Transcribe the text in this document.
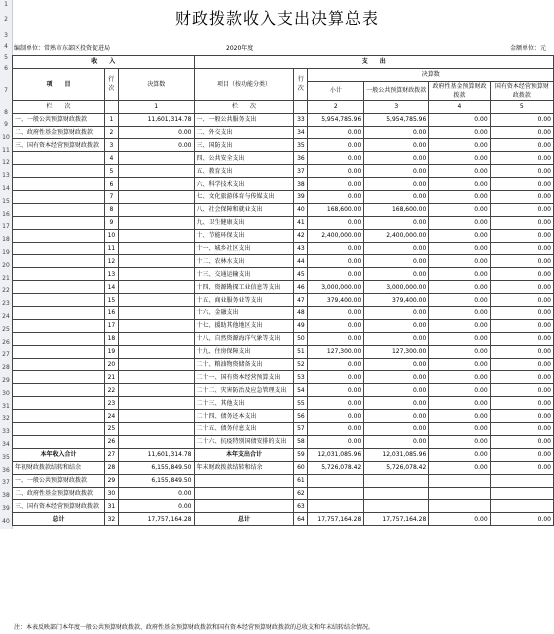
财政拨款收入支出决算总表
1
2
3
4
5
6
7
8
9
10
11
12
13
14
15
16
17
18
19
20
21
22
23
24
25
26
27
28
29
30
31
32
33
34
35
36
37
38
39
40
编制单位：常熟市东部区投资促进局	2020年度	金额单位：元
收　　入			支　　出					
项　　目	行次	决算数	项目（按功能分类）	行次	决算数			
					小计	一般公共预算财政拨款	政府性基金预算财政拨款	国有资本经营预算财政拨款

栏　　次		1	栏　　次		2	3	4	5
一、一般公共预算财政拨款	1	11,601,314.78	一、一般公共服务支出	33	5,954,785.96	5,954,785.96	0.00	0.00
二、政府性基金预算财政拨款	2	0.00	二、外交支出	34	0.00	0.00	0.00	0.00
三、国有资本经营预算财政拨款	3	0.00	三、国防支出	35	0.00	0.00	0.00	0.00
	4		四、公共安全支出	36	0.00	0.00	0.00	0.00
	5		五、教育支出	37	0.00	0.00	0.00	0.00
	6		六、科学技术支出	38	0.00	0.00	0.00	0.00
	7		七、文化旅游体育与传媒支出	39	0.00	0.00	0.00	0.00
	8		八、社会保障和就业支出	40	168,600.00	168,600.00	0.00	0.00
	9		九、卫生健康支出	41	0.00	0.00	0.00	0.00
	10		十、节能环保支出	42	2,400,000.00	2,400,000.00	0.00	0.00
	11		十一、城乡社区支出	43	0.00	0.00	0.00	0.00
	12		十二、农林水支出	44	0.00	0.00	0.00	0.00
	13		十三、交通运输支出	45	0.00	0.00	0.00	0.00
	14		十四、资源勘探工业信息等支出	46	3,000,000.00	3,000,000.00	0.00	0.00
	15		十五、商业服务业等支出	47	379,400.00	379,400.00	0.00	0.00
	16		十六、金融支出	48	0.00	0.00	0.00	0.00
	17		十七、援助其他地区支出	49	0.00	0.00	0.00	0.00
	18		十八、自然资源海洋气象等支出	50	0.00	0.00	0.00	0.00
	19		十九、住房保障支出	51	127,300.00	127,300.00	0.00	0.00
	20		二十、粮油物资储备支出	52	0.00	0.00	0.00	0.00
	21		二十一、国有资本经营预算支出	53	0.00	0.00	0.00	0.00
	22		二十二、灾害防治及应急管理支出	54	0.00	0.00	0.00	0.00
	23		二十三、其他支出	55	0.00	0.00	0.00	0.00
	24		二十四、债务还本支出	56	0.00	0.00	0.00	0.00
	25		二十五、债务付息支出	57	0.00	0.00	0.00	0.00
	26		二十六、抗疫特别国债安排的支出	58	0.00	0.00	0.00	0.00
本年收入合计	27	11,601,314.78	本年支出合计	59	12,031,085.96	12,031,085.96	0.00	0.00
年初财政拨款结转和结余	28	6,155,849.50	年末财政拨款结转和结余	60	5,726,078.42	5,726,078.42	0.00	0.00
一、一般公共预算财政拨款	29	6,155,849.50		61				
二、政府性基金预算财政拨款	30	0.00		62				
三、国有资本经营预算财政拨款	31	0.00		63				
总计	32	17,757,164.28	总计	64	17,757,164.28	17,757,164.28	0.00	0.00
注：本表反映部门本年度一般公共预算财政拨款、政府性基金预算财政拨款和国有资本经营预算财政拨款的总收支和年末结转结余情况。
